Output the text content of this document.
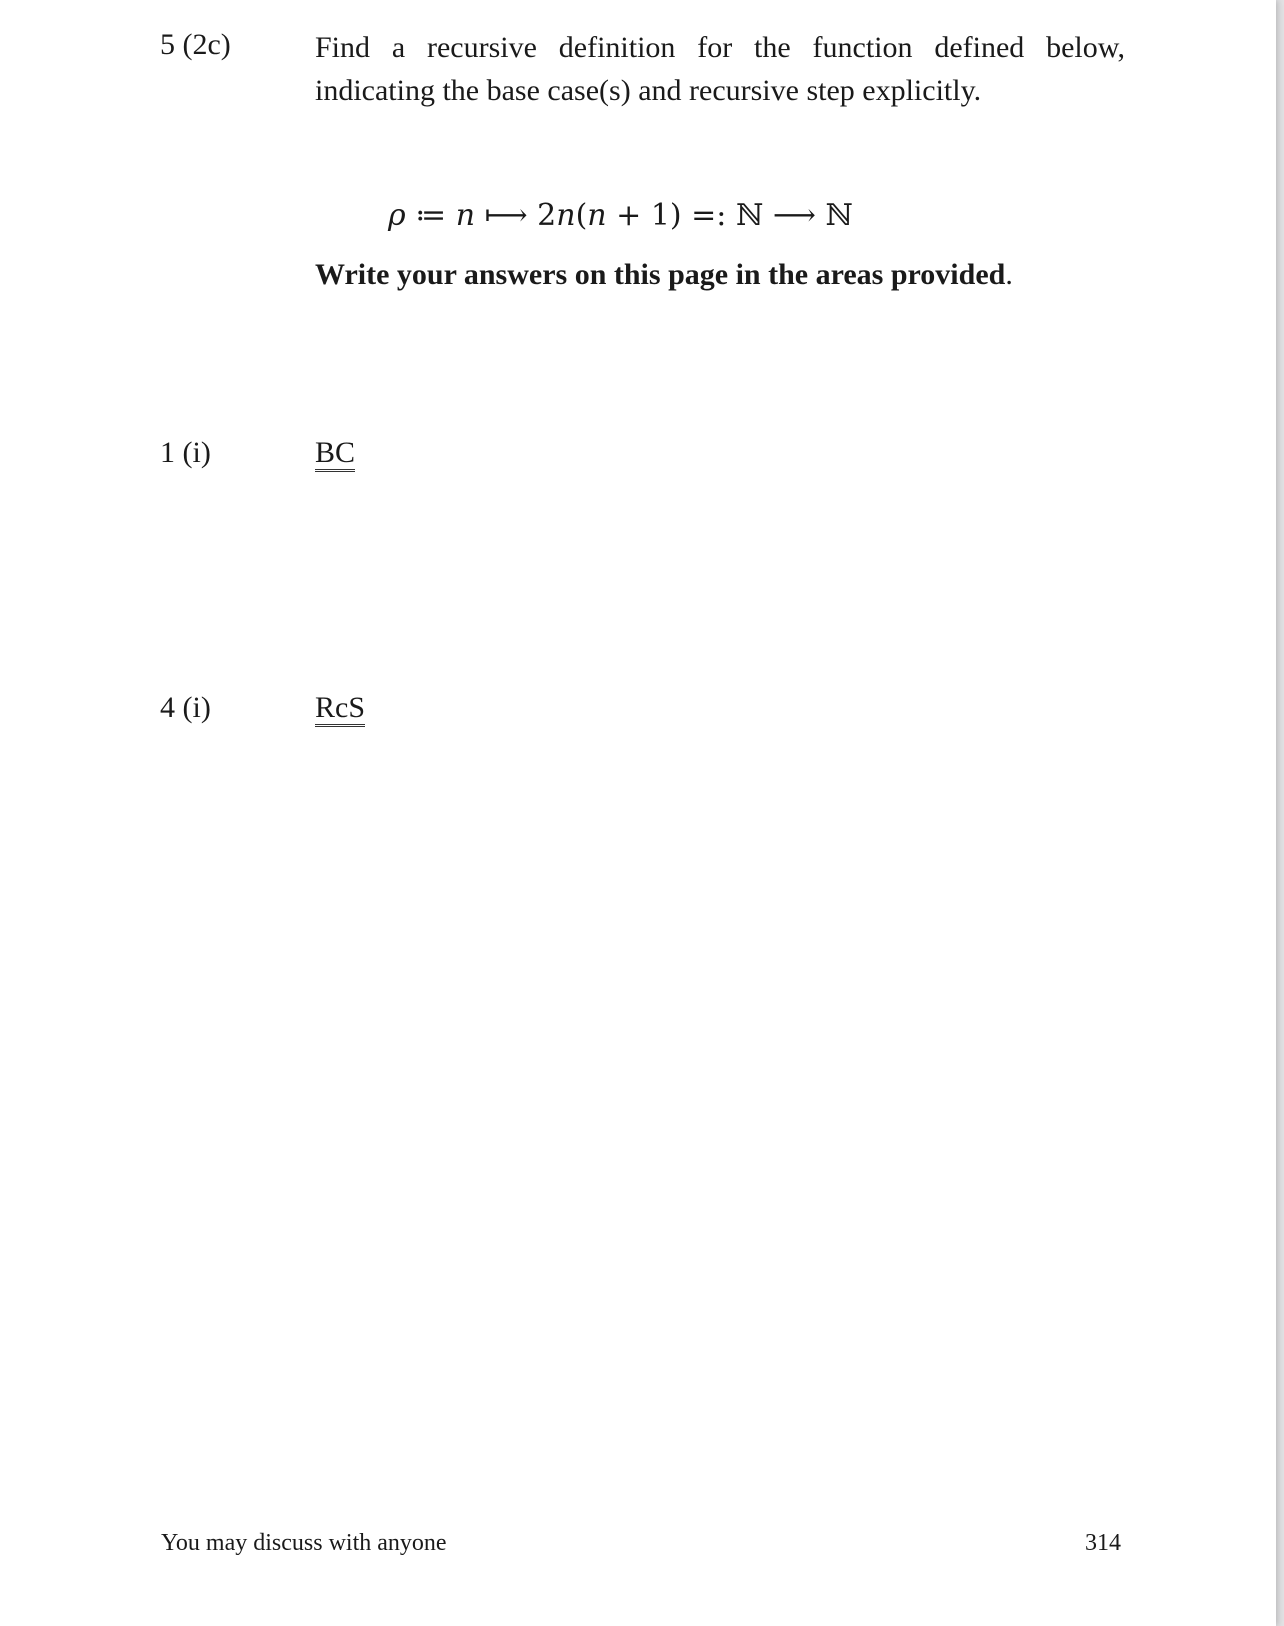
5 (2c)	Find a recursive definition for the function defined below,
indicating the base case(s) and recursive step explicitly.
ρ ≔ n ⟼ 2n(n + 1) =: ℕ ⟶ ℕ
Write your answers on this page in the areas provided.
1 (i)	BC
4 (i)	RcS
You may discuss with anyone	314
